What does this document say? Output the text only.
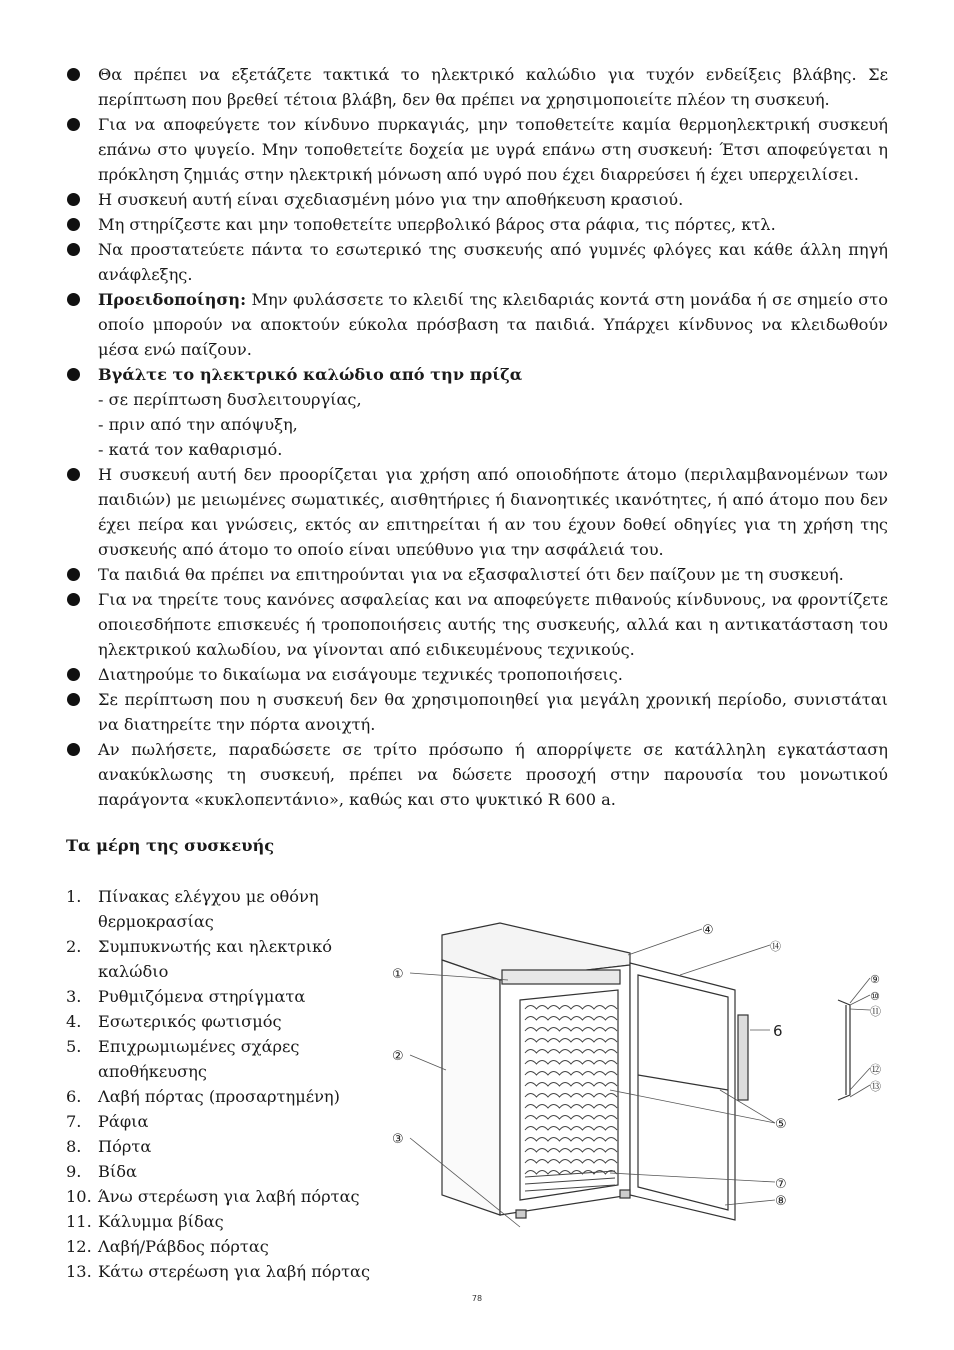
Θα πρέπει να εξετάζετε τακτικά το ηλεκτρικό καλώδιο για τυχόν ενδείξεις βλάβης. Σε περίπτωση που βρεθεί τέτοια βλάβη, δεν θα πρέπει να χρησιμοποιείτε πλέον τη συσκευή.
Για να αποφεύγετε τον κίνδυνο πυρκαγιάς, μην τοποθετείτε καμία θερμοηλεκτρική συσκευή επάνω στο ψυγείο. Μην τοποθετείτε δοχεία με υγρά επάνω στη συσκευή: Έτσι αποφεύγεται η πρόκληση ζημιάς στην ηλεκτρική μόνωση από υγρό που έχει διαρρεύσει ή έχει υπερχειλίσει.
Η συσκευή αυτή είναι σχεδιασμένη μόνο για την αποθήκευση κρασιού.
Μη στηρίζεστε και μην τοποθετείτε υπερβολικό βάρος στα ράφια, τις πόρτες, κτλ.
Να προστατεύετε πάντα το εσωτερικό της συσκευής από γυμνές φλόγες και κάθε άλλη πηγή ανάφλεξης.
Προειδοποίηση: Μην φυλάσσετε το κλειδί της κλειδαριάς κοντά στη μονάδα ή σε σημείο στο οποίο μπορούν να αποκτούν εύκολα πρόσβαση τα παιδιά. Υπάρχει κίνδυνος να κλειδωθούν μέσα ενώ παίζουν.
Βγάλτε το ηλεκτρικό καλώδιο από την πρίζα
- σε περίπτωση δυσλειτουργίας,
- πριν από την απόψυξη,
- κατά τον καθαρισμό.
Η συσκευή αυτή δεν προορίζεται για χρήση από οποιοδήποτε άτομο (περιλαμβανομένων των παιδιών) με μειωμένες σωματικές, αισθητήριες ή διανοητικές ικανότητες, ή από άτομο που δεν έχει πείρα και γνώσεις, εκτός αν επιτηρείται ή αν του έχουν δοθεί οδηγίες για τη χρήση της συσκευής από άτομο το οποίο είναι υπεύθυνο για την ασφάλειά του.
Τα παιδιά θα πρέπει να επιτηρούνται για να εξασφαλιστεί ότι δεν παίζουν με τη συσκευή.
Για να τηρείτε τους κανόνες ασφαλείας και να αποφεύγετε πιθανούς κίνδυνους, να φροντίζετε οποιεσδήποτε επισκευές ή τροποποιήσεις αυτής της συσκευής, αλλά και η αντικατάσταση του ηλεκτρικού καλωδίου, να γίνονται από ειδικευμένους τεχνικούς.
Διατηρούμε το δικαίωμα να εισάγουμε τεχνικές τροποποιήσεις.
Σε περίπτωση που η συσκευή δεν θα χρησιμοποιηθεί για μεγάλη χρονική περίοδο, συνιστάται να διατηρείτε την πόρτα ανοιχτή.
Αν πωλήσετε, παραδώσετε σε τρίτο πρόσωπο ή απορρίψετε σε κατάλληλη εγκατάσταση ανακύκλωσης τη συσκευή, πρέπει να δώσετε προσοχή στην παρουσία του μονωτικού παράγοντα «κυκλοπεντάνιο», καθώς και στο ψυκτικό R 600 a.
Τα μέρη της συσκευής
1. Πίνακας ελέγχου με οθόνη θερμοκρασίας
2. Συμπυκνωτής και ηλεκτρικό καλώδιο
3. Ρυθμιζόμενα στηρίγματα
4. Εσωτερικός φωτισμός
5. Επιχρωμιωμένες σχάρες αποθήκευσης
6. Λαβή πόρτας (προσαρτημένη)
7. Ράφια
8. Πόρτα
9. Βίδα
10. Άνω στερέωση για λαβή πόρτας
11. Κάλυμμα βίδας
12. Λαβή/Ράβδος πόρτας
13. Κάτω στερέωση για λαβή πόρτας
①
②
③
④
⑤
6
⑦
⑧
⑨
⑩
⑪
⑫
⑬
⑭
78
